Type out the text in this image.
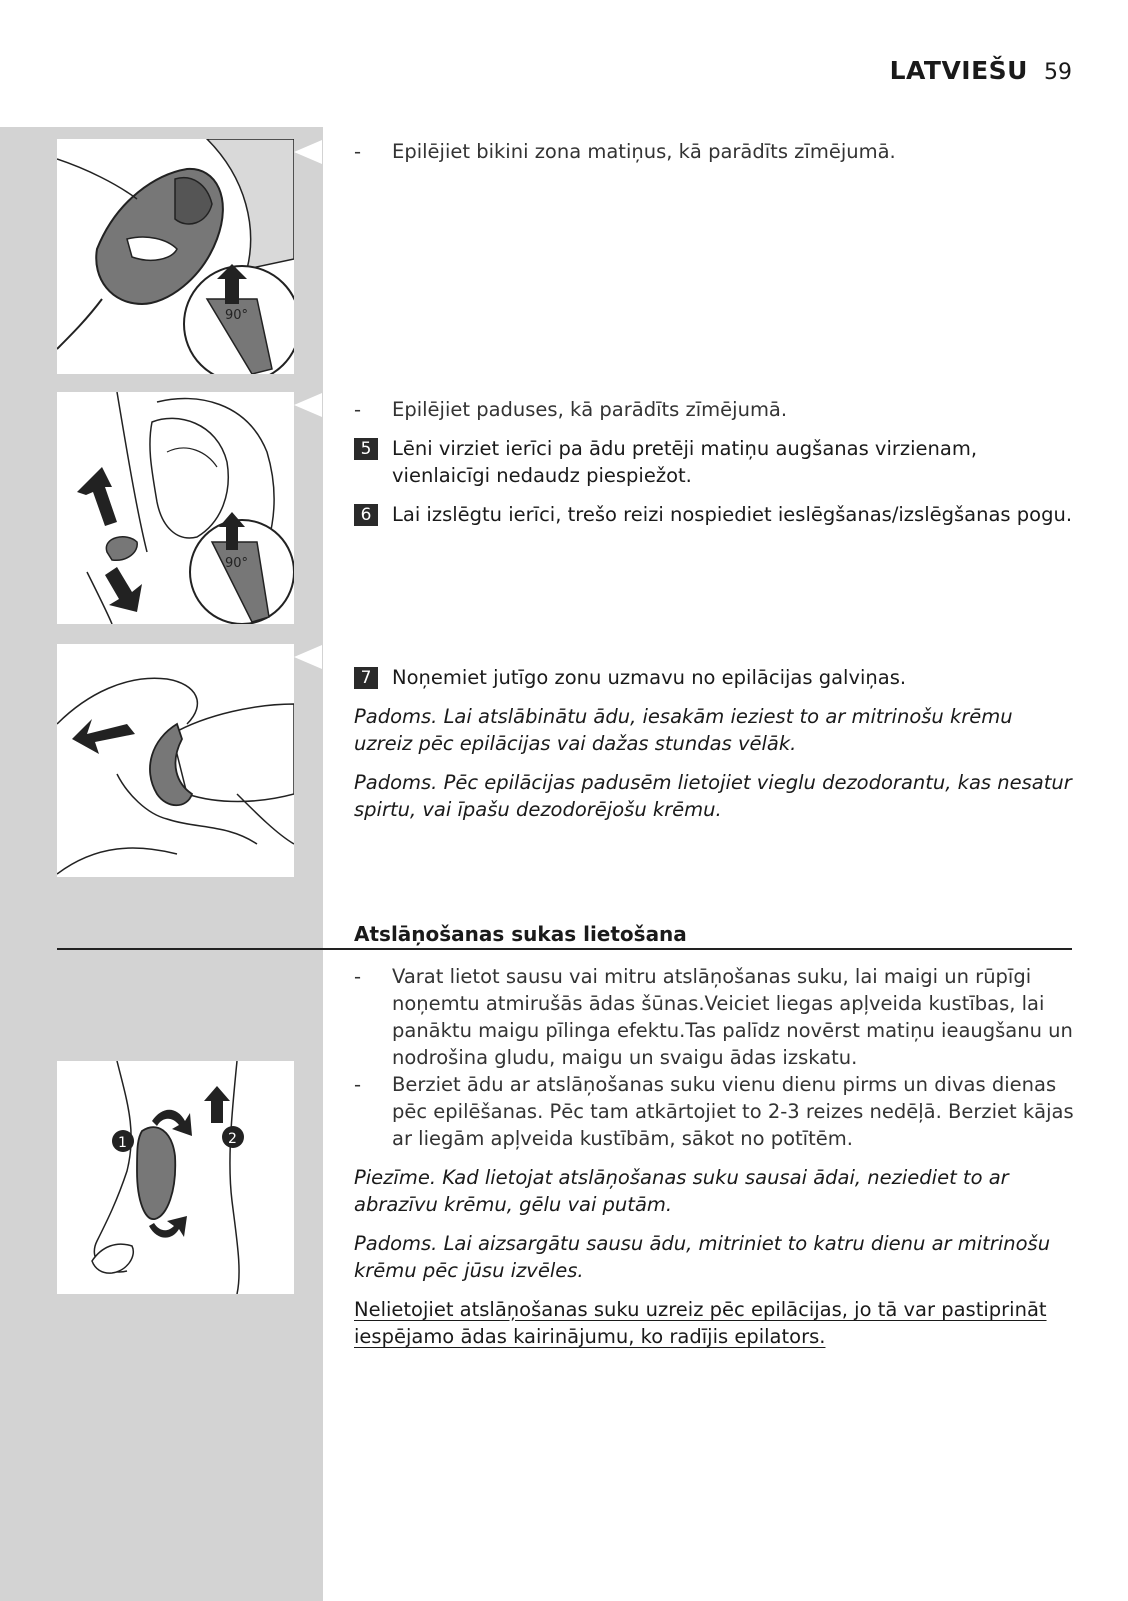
LATVIEŠU 59
90°
90°
1	2
- Epilējiet bikini zona matiņus, kā parādīts zīmējumā.
- Epilējiet paduses, kā parādīts zīmējumā.
5	Lēni virziet ierīci pa ādu pretēji matiņu augšanas virzienam, vienlaicīgi nedaudz piespiežot.
6	Lai izslēgtu ierīci, trešo reizi nospiediet ieslēgšanas/izslēgšanas pogu.
7	Noņemiet jutīgo zonu uzmavu no epilācijas galviņas.
Padoms. Lai atslābinātu ādu, iesakām ieziest to ar mitrinošu krēmu uzreiz pēc epilācijas vai dažas stundas vēlāk.
Padoms. Pēc epilācijas padusēm lietojiet vieglu dezodorantu, kas nesatur spirtu, vai īpašu dezodorējošu krēmu.
Atslāņošanas sukas lietošana
- Varat lietot sausu vai mitru atslāņošanas suku, lai maigi un rūpīgi noņemtu atmirušās ādas šūnas.Veiciet liegas apļveida kustības, lai panāktu maigu pīlinga efektu.Tas palīdz novērst matiņu ieaugšanu un nodrošina gludu, maigu un svaigu ādas izskatu.
- Berziet ādu ar atslāņošanas suku vienu dienu pirms un divas dienas pēc epilēšanas. Pēc tam atkārtojiet to 2-3 reizes nedēļā. Berziet kājas ar liegām apļveida kustībām, sākot no potītēm.
Piezīme. Kad lietojat atslāņošanas suku sausai ādai, neziediet to ar abrazīvu krēmu, gēlu vai putām.
Padoms. Lai aizsargātu sausu ādu, mitriniet to katru dienu ar mitrinošu krēmu pēc jūsu izvēles.
Nelietojiet atslāņošanas suku uzreiz pēc epilācijas, jo tā var pastiprināt iespējamo ādas kairinājumu, ko radījis epilators.
